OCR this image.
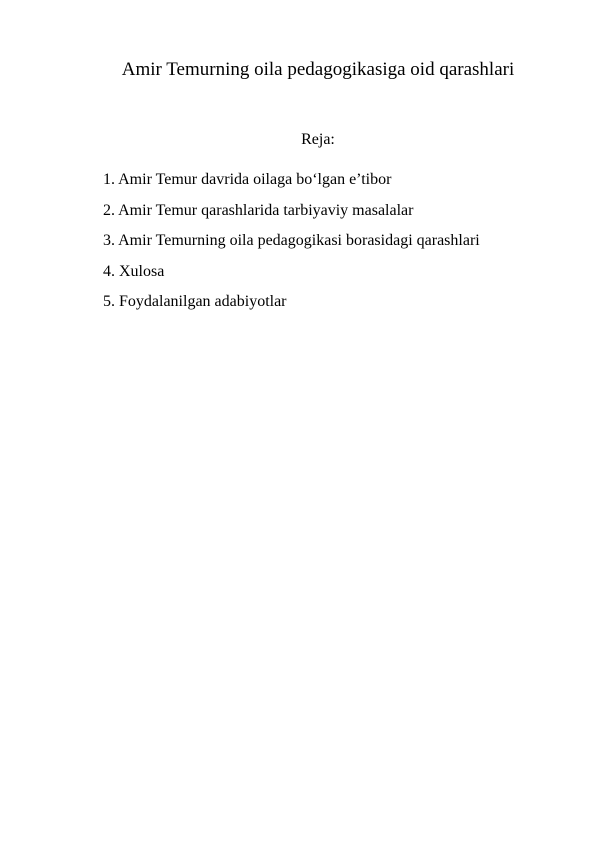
Amir Temurning oila pedagogikasiga oid qarashlari
Reja:
1. Amir Temur davrida oilaga bo‘lgan e’tibor
2. Amir Temur qarashlarida tarbiyaviy masalalar
3. Amir Temurning oila pedagogikasi borasidagi qarashlari
4. Xulosa
5. Foydalanilgan adabiyotlar
